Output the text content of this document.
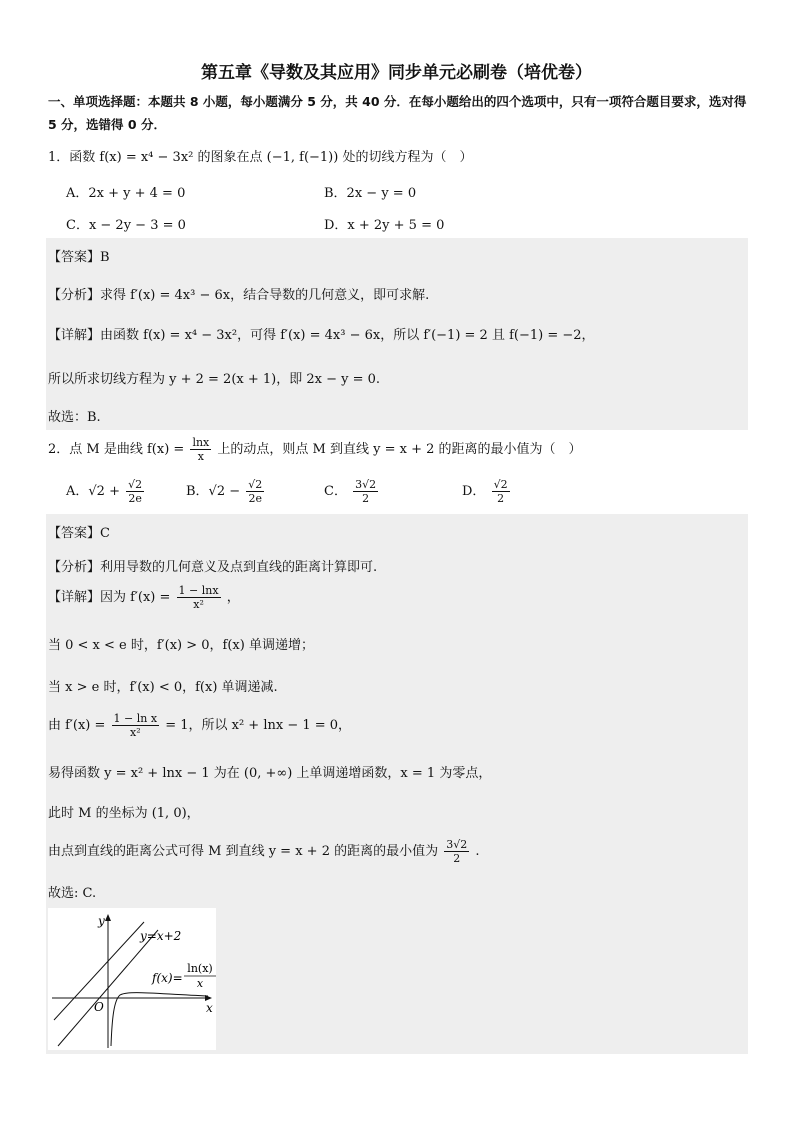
第五章《导数及其应用》同步单元必刷卷（培优卷）
一、单项选择题：本题共 8 小题，每小题满分 5 分，共 40 分．在每小题给出的四个选项中，只有一项符合题目要求，选对得 5 分，选错得 0 分．
1．函数 f(x) = x⁴ − 3x² 的图象在点 (−1, f(−1)) 处的切线方程为（　）
A．2x + y + 4 = 0	B．2x − y = 0
C．x − 2y − 3 = 0	D．x + 2y + 5 = 0
【答案】B
【分析】求得 f′(x) = 4x³ − 6x，结合导数的几何意义，即可求解.
【详解】由函数 f(x) = x⁴ − 3x²，可得 f′(x) = 4x³ − 6x，所以 f′(−1) = 2 且 f(−1) = −2，
所以所求切线方程为 y + 2 = 2(x + 1)，即 2x − y = 0.
故选：B.
2．点 M 是曲线 $f(x) = \frac{\ln x}{x}$ 上的动点，则点 M 到直线 y = x + 2 的距离的最小值为（　）
A．$√2 + \frac{√2}{2e}$	B．$√2 - \frac{√2}{2e}$	C． $\frac{3√2}{2}$	D． $\frac{√2}{2}$
【答案】C
【分析】利用导数的几何意义及点到直线的距离计算即可.
【详解】因为 $f'(x) = \frac{1 - \ln x}{\text{x²}}$ ，
当 0 < x < e 时，f′(x) > 0，f(x) 单调递增；
当 x > e 时，f′(x) < 0，f(x) 单调递减.
由 $f'(x) = \frac{\text{1 − ln x}}{\text{x²}} = 1$，所以 x² + lnx − 1 = 0，
易得函数 y = x² + lnx − 1 为在 (0, +∞) 上单调递增函数，x = 1 为零点，
此时 M 的坐标为 (1, 0)，
由点到直线的距离公式可得 M 到直线 y = x + 2 的距离的最小值为 $\frac{3√2}{2}$ .
故选: C.
y
x
O
y=x+2
f(x)=
ln(x)
x
